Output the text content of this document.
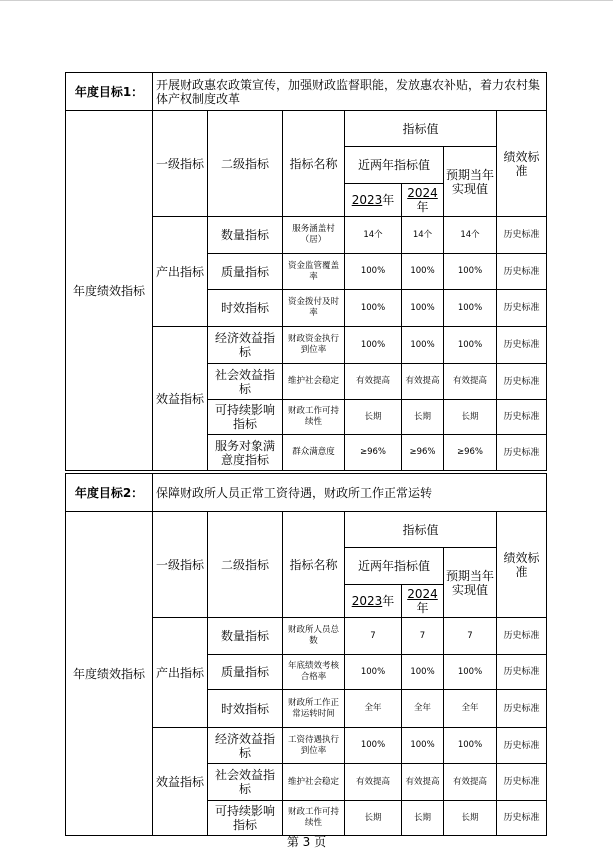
年度目标1：	开展财政惠农政策宣传，加强财政监督职能，发放惠农补贴，着力农村集体产权制度改革						
年度绩效指标	一级指标	二级指标	指标名称	指标值			绩效标准
				近两年指标值		预期当年实现值	
				2023年	2024
年		
	产出指标	数量指标	服务涵盖村（居）	14个	14个	14个	历史标准
		质量指标	资金监管覆盖率	100%	100%	100%	历史标准
		时效指标	资金拨付及时率	100%	100%	100%	历史标准
	效益指标	经济效益指标	财政资金执行到位率	100%	100%	100%	历史标准
		社会效益指标	维护社会稳定	有效提高	有效提高	有效提高	历史标准
		可持续影响指标	财政工作可持续性	长期	长期	长期	历史标准
		服务对象满意度指标	群众满意度	≥96%	≥96%	≥96%	历史标准
年度目标2：	保障财政所人员正常工资待遇，财政所工作正常运转						
年度绩效指标	一级指标	二级指标	指标名称	指标值			绩效标准
				近两年指标值		预期当年实现值	
				2023年	2024
年		
	产出指标	数量指标	财政所人员总数	7	7	7	历史标准
		质量指标	年底绩效考核合格率	100%	100%	100%	历史标准
		时效指标	财政所工作正常运转时间	全年	全年	全年	历史标准
	效益指标	经济效益指标	工资待遇执行到位率	100%	100%	100%	历史标准
		社会效益指标	维护社会稳定	有效提高	有效提高	有效提高	历史标准
		可持续影响指标	财政工作可持续性	长期	长期	长期	历史标准
第 3 页
